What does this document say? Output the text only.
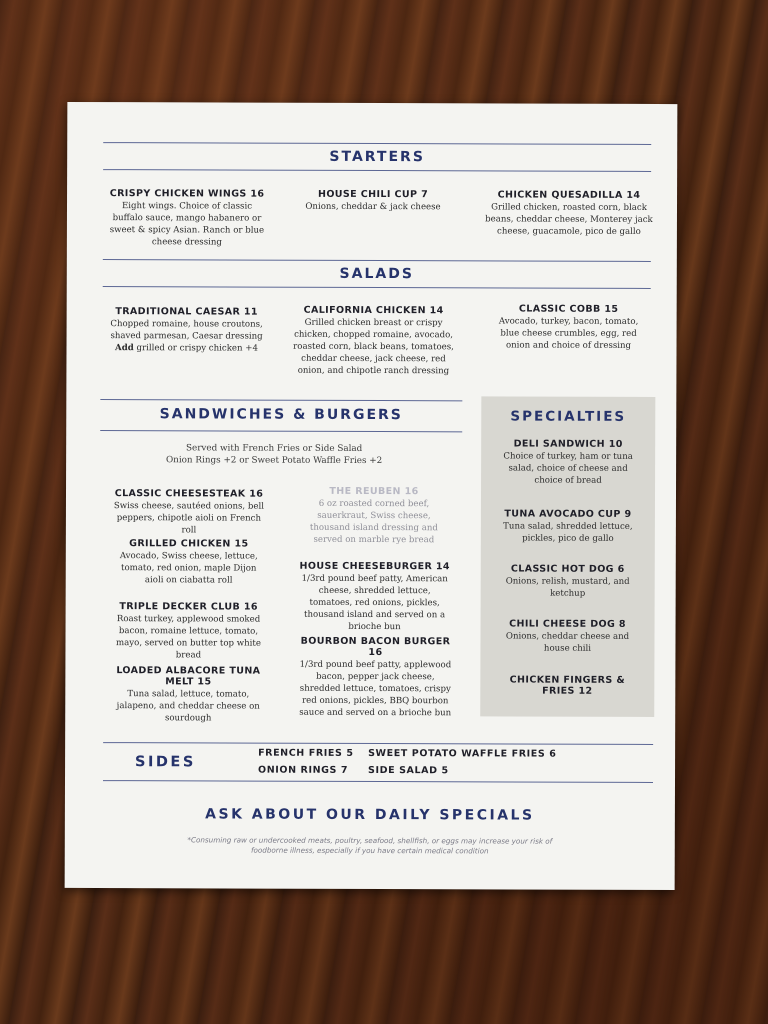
STARTERS
CRISPY CHICKEN WINGS 16
Eight wings. Choice of classic buffalo sauce, mango habanero or sweet & spicy Asian. Ranch or blue cheese dressing
HOUSE CHILI CUP 7
Onions, cheddar & jack cheese
CHICKEN QUESADILLA 14
Grilled chicken, roasted corn, black beans, cheddar cheese, Monterey jack cheese, guacamole, pico de gallo
SALADS
TRADITIONAL CAESAR 11
Chopped romaine, house croutons, shaved parmesan, Caesar dressing
Add grilled or crispy chicken +4
CALIFORNIA CHICKEN 14
Grilled chicken breast or crispy chicken, chopped romaine, avocado, roasted corn, black beans, tomatoes, cheddar cheese, jack cheese, red onion, and chipotle ranch dressing
CLASSIC COBB 15
Avocado, turkey, bacon, tomato, blue cheese crumbles, egg, red onion and choice of dressing
SANDWICHES & BURGERS
Served with French Fries or Side Salad
Onion Rings +2 or Sweet Potato Waffle Fries +2
CLASSIC CHEESESTEAK 16
Swiss cheese, sautéed onions, bell peppers, chipotle aioli on French roll
THE REUBEN 16
6 oz roasted corned beef, sauerkraut, Swiss cheese, thousand island dressing and served on marble rye bread
GRILLED CHICKEN 15
Avocado, Swiss cheese, lettuce, tomato, red onion, maple Dijon aioli on ciabatta roll
HOUSE CHEESEBURGER 14
1/3rd pound beef patty, American cheese, shredded lettuce, tomatoes, red onions, pickles, thousand island and served on a brioche bun
TRIPLE DECKER CLUB 16
Roast turkey, applewood smoked bacon, romaine lettuce, tomato, mayo, served on butter top white bread
BOURBON BACON BURGER 16
1/3rd pound beef patty, applewood bacon, pepper jack cheese, shredded lettuce, tomatoes, crispy red onions, pickles, BBQ bourbon sauce and served on a brioche bun
LOADED ALBACORE TUNA MELT 15
Tuna salad, lettuce, tomato, jalapeno, and cheddar cheese on sourdough
SPECIALTIES
DELI SANDWICH 10
Choice of turkey, ham or tuna salad, choice of cheese and choice of bread
TUNA AVOCADO CUP 9
Tuna salad, shredded lettuce, pickles, pico de gallo
CLASSIC HOT DOG 6
Onions, relish, mustard, and ketchup
CHILI CHEESE DOG 8
Onions, cheddar cheese and house chili
CHICKEN FINGERS & FRIES 12
SIDES
FRENCH FRIES 5 SWEET POTATO WAFFLE FRIES 6
ONION RINGS 7 SIDE SALAD 5
ASK ABOUT OUR DAILY SPECIALS
*Consuming raw or undercooked meats, poultry, seafood, shellfish, or eggs may increase your risk of foodborne illness, especially if you have certain medical condition
